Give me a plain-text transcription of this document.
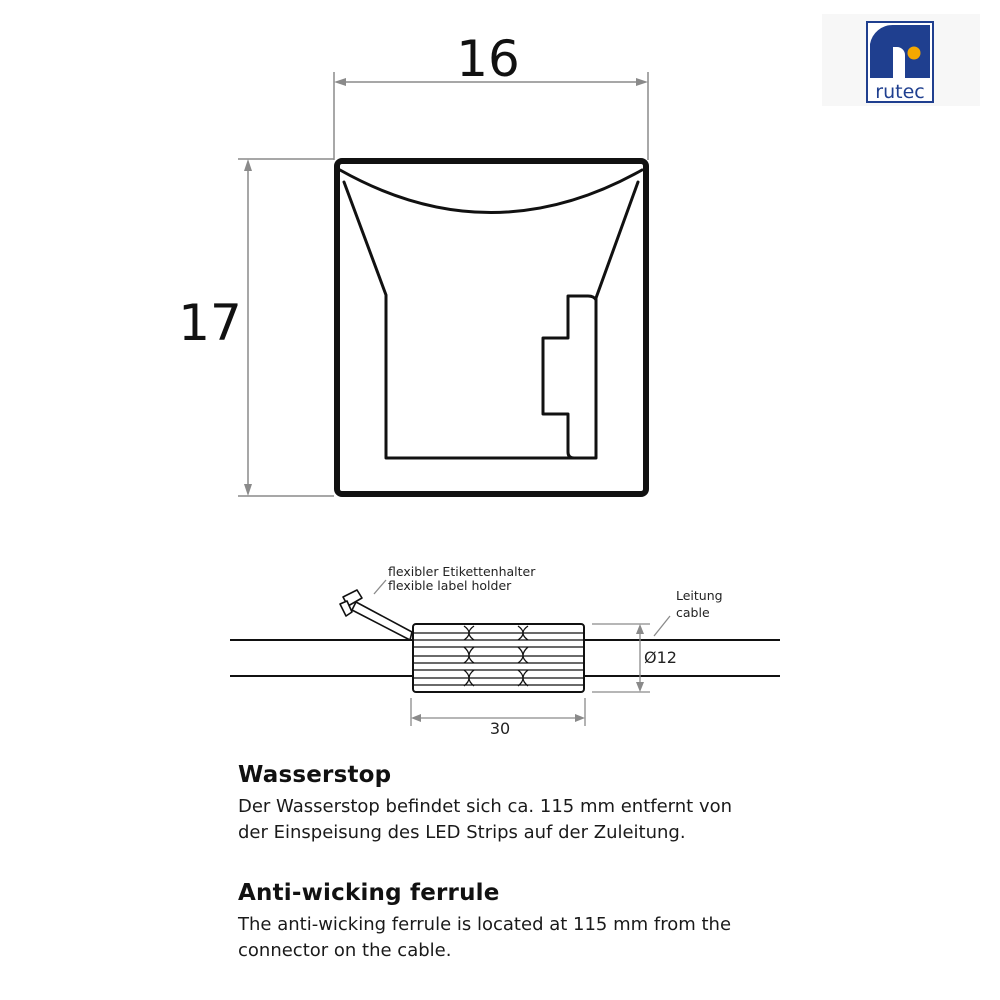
rutec
16
17
Ø12
30
flexibler Etikettenhalter
flexible label holder
Leitung
cable
Wasserstop

Der Wasserstop befindet sich ca. 115 mm entfernt von der Einspeisung des LED Strips auf der Zuleitung.

Anti-wicking ferrule

The anti-wicking ferrule is located at 115 mm from the connector on the cable.
